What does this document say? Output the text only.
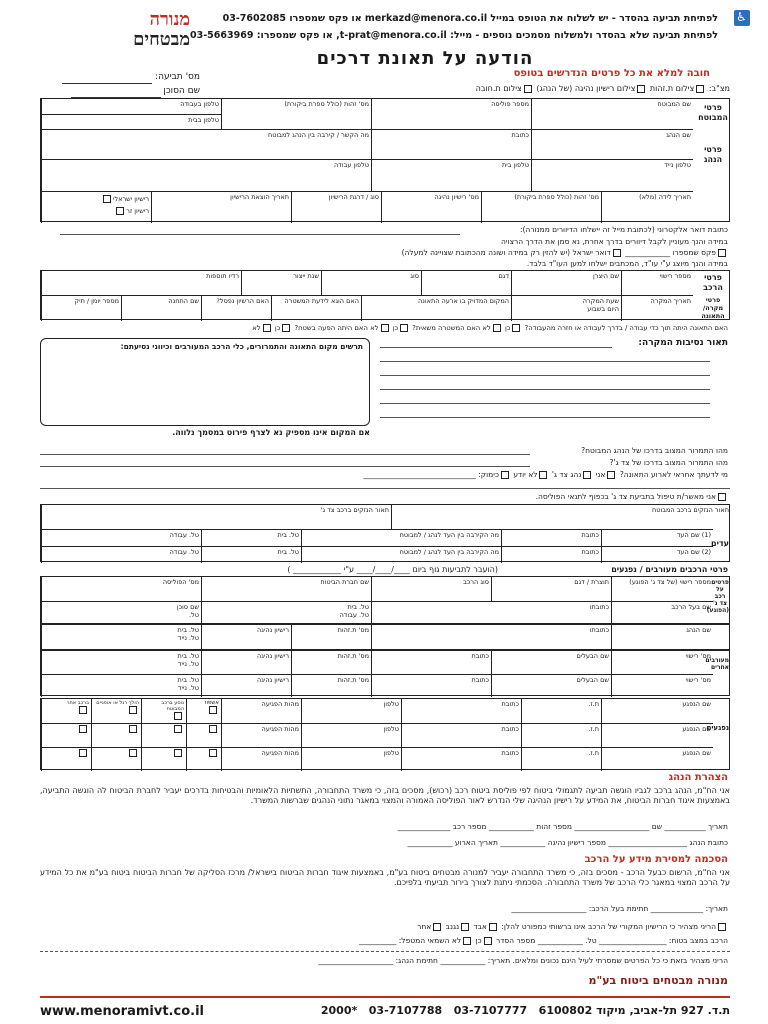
♿
לפתיחת תביעה בהסדר - יש לשלוח את הטופס במייל merkazd@menora.co.il או פקס שמספרו 03-7602085
לפתיחת תביעה שלא בהסדר ולמשלוח מסמכים נוספים - מייל: t-prat@menora.co.il, או פקס שמספרו: 03-5663969
מנורה
מבטחים
הודעה על תאונת דרכים
מס' תביעה:
שם הסוכן
חובה למלא את כל פרטים הנדרשים בטופס
מצ"ב: צילום ת.זהות צילום רישיון נהיגה (של הנהג) צילום ת.חובה
פרטי המבוטח
פרטי הנהג
שם המבוטח
מספר פוליסה
מס' זהות (כולל ספרת ביקורת)
טלפון בעבודה
טלפון בבית
שם הנהג
כתובת
מה הקשר / קירבה בין הנהג למבוטח
טלפון נייד
טלפון בית
טלפון עבודה
תאריך לידה (מלא)
מס' זהות (כולל ספרת ביקורת)
מס' רישיון נהיגה
סוג / דרגת הרישיון
תאריך הוצאת הרישיון
רישיון ישראלי
רישיון זר
כתובת דואר אלקטרוני (לכתובת מייל זה יישלחו הדיוורים ממנורה):
במידה והנך מעוניין לקבל דיוורים בדרך אחרת, נא סמן את הדרך הרצויה
פקס שמספרו ____________ דואר ישראל (יש להזין רק במידה ושונה מהכתובת שצויינה למעלה)
במידה והנך מיוצג ע"י עו"ד, המכתבים ישלחו למען העו"ד בלבד.
פרטי הרכב
פרטי מקרה/ התאונה
מספר רישוי
שם היצרן
דגם
סוג
שנת ייצור
רדיו תוספות
תאריך המקרה
שעת המקרה
היום בשבוע
המקום המדויק בו ארעה התאונה
האם הוגא לידעת המשטרה
האם הרשיון נפסל?
שם התחנה
מספר יומן / תיק
האם התאונה היתה תוך כדי עבודה / בדרך לעבודה או חזרה מהעבודה? כן לא האם המשטרה משאית? כן לא האם היתה הפעה בשטח? כן לא
תאור נסיבות המקרה:
תרשים מקום התאונה והתמרורים, כלי הרכב המעורבים וכיווני נסיעתם:
אם המקום אינו מספיק נא לצרף פירוט במסמך נלווה.
מהו התמרור המצוב בדרכו של הנהג המבוטח?
מהו התמרור המצוב בדרכו של צד ג'?
מי לדעתך אחראי לארוע התאונה? אני נהג צד ג' לא יודע כימוק: ______________________________
אני מאשר/ת טיפול בתביעת צד ג' בכפוף לתנאי הפוליסה.
תאור הנזקים ברכב המבוטח
תאור הנזקים ברכב צד ג'
עדים
(1) שם העד
כתובת
מה הקירבה בין העד לנהג / למבוטח
טל. בית
טל. עבודה
(2) שם העד
כתובת
מה הקירבה בין העד לנהג / למבוטח
טל. בית
טל. עבודה
פרטי הרכבים מעורבים / נפגעים
(הועבר לתביעות גוף ביום ____/____/____ ע"י ____________ )
פרטים על רכב צד ג' (הפוגע)
מספר רישוי (של צד ג' הפוגע)
תוצרת / דגם
סוג הרכב
שם חברת הביטוח
מס' הפוליסה
שם בעל הרכב
כתובתו
טל. בית
טל. עבודה
שם סוכן
טל.
שם הנהג
כתובתו
מס' ת.זהות
רישיון נהיגה
טל. בית
טל. נייד
מעורבים אחרים
מס' רישוי
שם הבעלים
כתובת
מס' ת.זהות
רישיון נהיגה
טל. בית
טל. נייד
מס' רישוי
שם הבעלים
כתובת
מס' ת.זהות
רישיון נהיגה
טל. בית
טל. נייד
נפגעים
שם הנפגע
ת.ז.
כתובת
טלפון
מהות הפגיעה
אשפוז
נוסע ברכב המבוטח
הולך רגל או אופניים
ברכב אחר
שם הנפגע
ת.ז.
כתובת
טלפון
מהות הפגיעה
שם הנפגע
ת.ז.
כתובת
טלפון
מהות הפגיעה
הצהרת הנהג
אני הח"מ, הנהג ברכב לגביו הוגשה תביעה לתגמולי ביטוח לפי פוליסת ביטוח רכב (רכוש), מסכים בזה, כי משרד התחבורה, התשתיות הלאומיות והבטיחות בדרכים יעביר לחברת הביטוח לה הוגשה התביעה, באמצעות איגוד חברות הביטוח, את המידע על רישיון הנהיגה שלי הנדרש לאור הפוליסה האמורה והמצוי במאגר נתוני הנהגים שברשות המשרד.
תאריך ___________ שם ____________________ מספר זהות ____________ מספר רכב ______________
כתובת הנהג _____________________ מספר רישיון נהיגה ____________ תאריך הארוע ____________
הסכמה למסירת מידע על הרכב
אני הח"מ, הרשום כבעל הרכב - מסכים בזה, כי משרד התחבורה יעביר למנורה מבטחים ביטוח בע"מ, באמצעות איגוד חברות הביטוח בישראל/ מרכז הסליקה של חברות הביטוח ביטוח בע"מ את כל המידע על הרכב המצוי במאגר כלי הרכב של משרד התחבורה. הסכמתי ניתנת לצורך בירור תביעתי בלפיכם.
תאריך: ______________ חתימת בעל הרכב: ____________________
הריני מצהיר כי הרישיון המקורי של הרכב אינו ברשותי כמפורט להלן: אבד נגנב אחר
הרכב במצב בטוח: __________________ טל. ____________ מספר הסדר כן לא השמאי המטפל: __________
הריני מצהיר בזאת כי כל הפרטים שמסרתי לעיל הינם נכונים ומלאים. תאריך: ____________ חתימת הנהג: ____________________
מנורה מבטחים ביטוח בע"מ
www.menoramivt.co.il	ת.ד. 927 תל-אביב, מיקוד 6100802   03-7107777   03-7107788   *2000
